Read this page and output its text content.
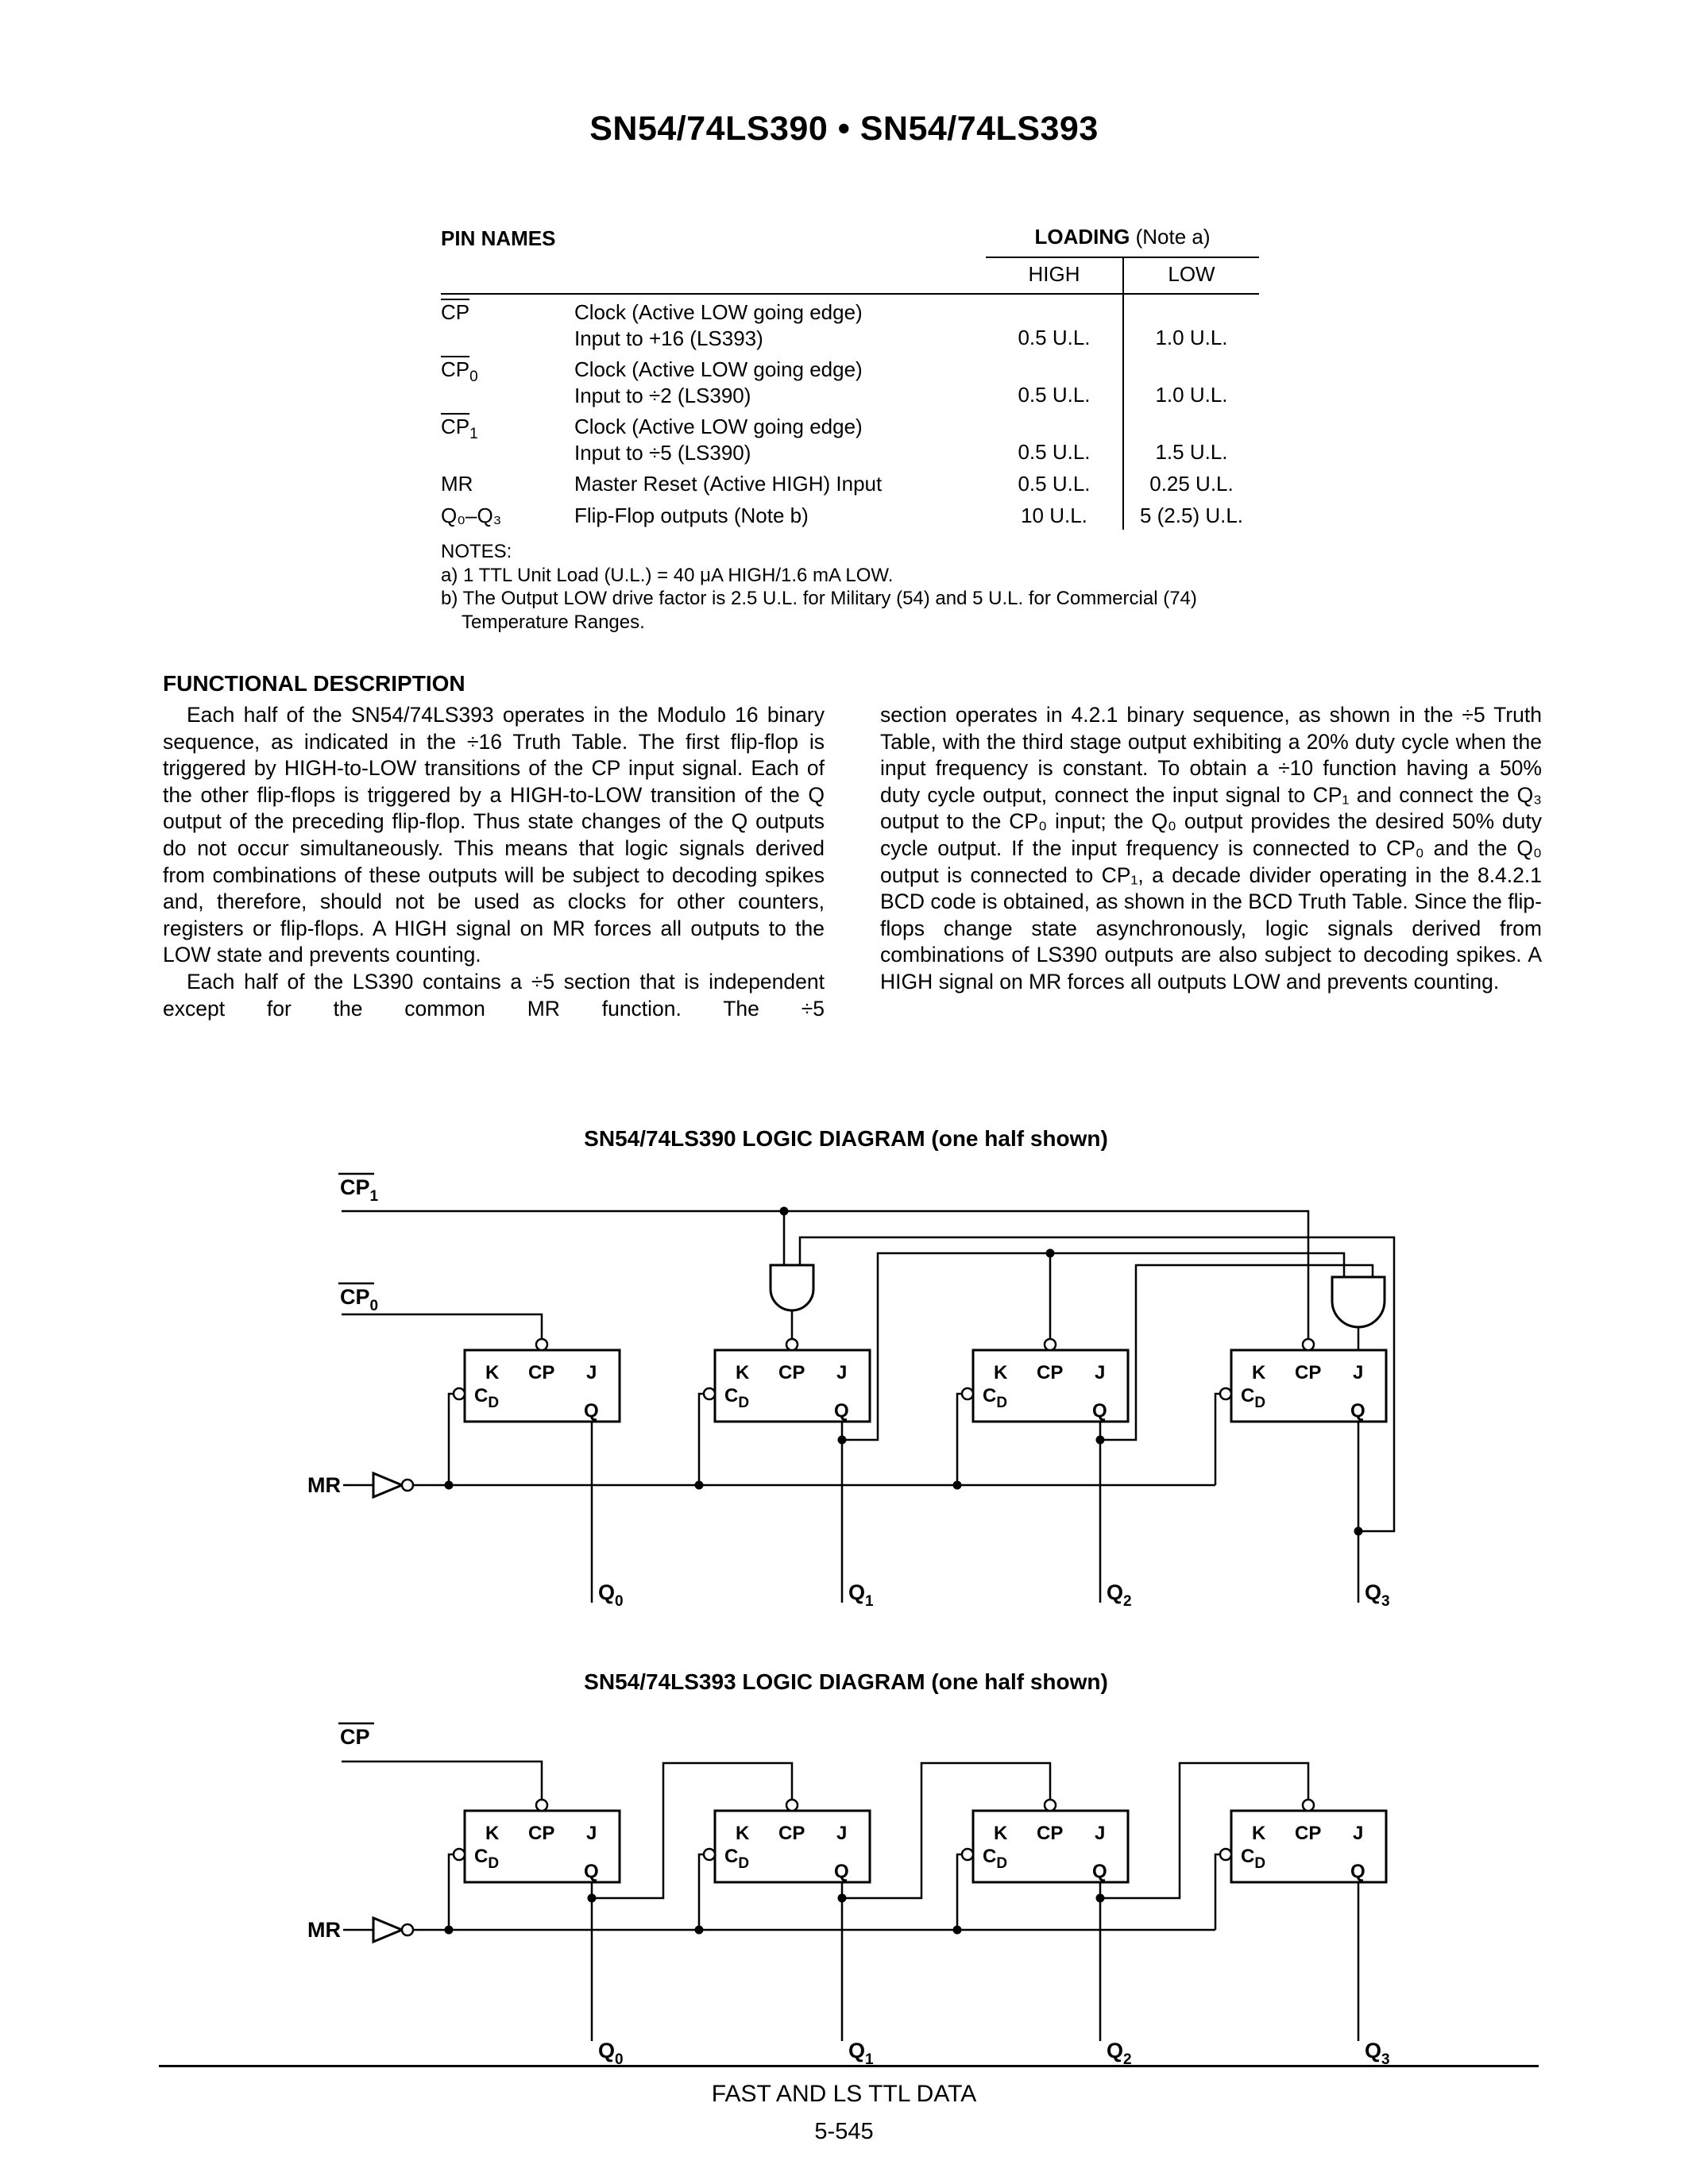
SN54/74LS390 • SN54/74LS393
PIN NAMES	LOADING (Note a)
HIGH	LOW
$\overline{CP}$	Clock (Active LOW going edge)
Input to +16 (LS393)	0.5 U.L.	1.0 U.L.
$\overline{CP}_0$	Clock (Active LOW going edge)
Input to ÷2 (LS390)	0.5 U.L.	1.0 U.L.
$\overline{CP}_1$	Clock (Active LOW going edge)
Input to ÷5 (LS390)	0.5 U.L.	1.5 U.L.
MR	Master Reset (Active HIGH) Input	0.5 U.L.	0.25 U.L.
Q₀–Q₃	Flip-Flop outputs (Note b)	10 U.L.	5 (2.5) U.L.
NOTES:
a) 1 TTL Unit Load (U.L.) = 40 μA HIGH/1.6 mA LOW.
b) The Output LOW drive factor is 2.5 U.L. for Military (54) and 5 U.L. for Commercial (74)
Temperature Ranges.
FUNCTIONAL DESCRIPTION

Each half of the SN54/74LS393 operates in the Modulo 16 binary sequence, as indicated in the ÷16 Truth Table. The first flip-flop is triggered by HIGH-to-LOW transitions of the CP input signal. Each of the other flip-flops is triggered by a HIGH-to-LOW transition of the Q output of the preceding flip-flop. Thus state changes of the Q outputs do not occur simultaneously. This means that logic signals derived from combinations of these outputs will be subject to decoding spikes and, therefore, should not be used as clocks for other counters, registers or flip-flops. A HIGH signal on MR forces all outputs to the LOW state and prevents counting.

Each half of the LS390 contains a ÷5 section that is independent except for the common MR function. The ÷5

section operates in 4.2.1 binary sequence, as shown in the ÷5 Truth Table, with the third stage output exhibiting a 20% duty cycle when the input frequency is constant. To obtain a ÷10 function having a 50% duty cycle output, connect the input signal to CP₁ and connect the Q₃ output to the CP₀ input; the Q₀ output provides the desired 50% duty cycle output. If the input frequency is connected to CP₀ and the Q₀ output is connected to CP₁, a decade divider operating in the 8.4.2.1 BCD code is obtained, as shown in the BCD Truth Table. Since the flip-flops change state asynchronously, logic signals derived from combinations of LS390 outputs are also subject to decoding spikes. A HIGH signal on MR forces all outputs LOW and prevents counting.

SN54/74LS390 LOGIC DIAGRAM (one half shown)
K CP J
$C_D$	Q
K CP J
$C_D$	Q
K CP J
$C_D$	Q
K CP J
$C_D$	Q
$CP_1$
$CP_0$
MR
$Q_0$	$Q_1$	$Q_2$	$Q_3$
SN54/74LS393 LOGIC DIAGRAM (one half shown)
K CP J
$C_D$	Q
K CP J
$C_D$	Q
K CP J
$C_D$	Q
K CP J
$C_D$	Q
CP
MR
$Q_0$	$Q_1$	$Q_2$	$Q_3$
FAST AND LS TTL DATA
5-545
